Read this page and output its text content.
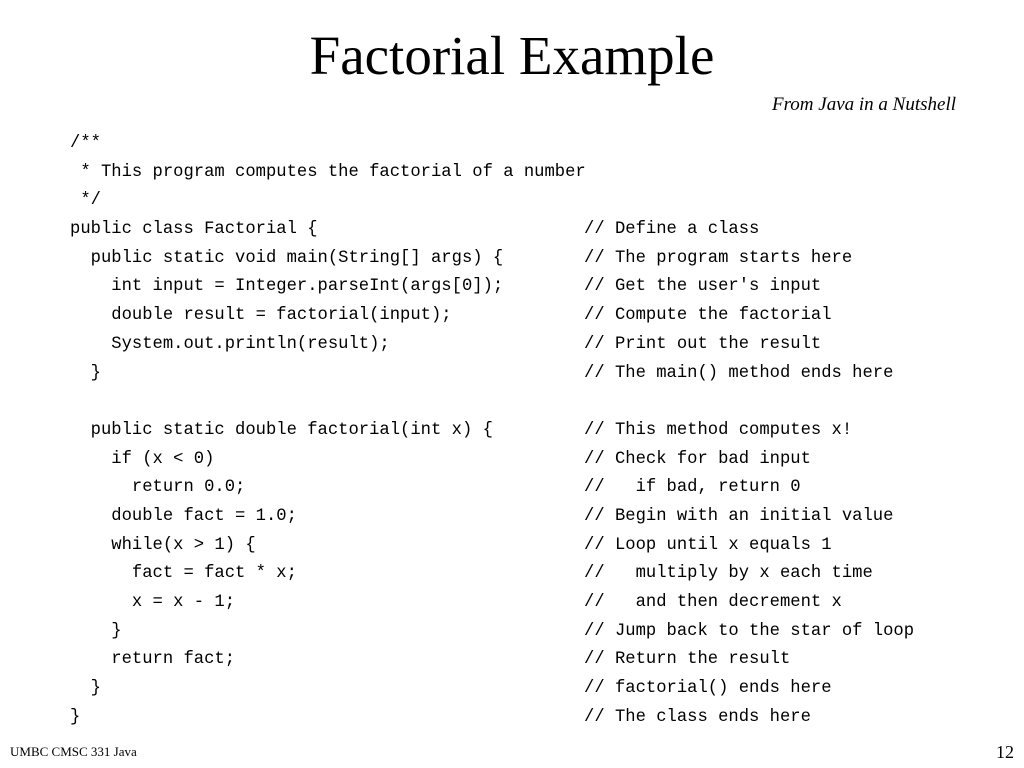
Factorial Example
From Java in a Nutshell
/**
* This program computes the factorial of a number
*/
public class Factorial {	// Define a class
public static void main(String[] args) {	// The program starts here
int input = Integer.parseInt(args[0]);	// Get the user's input
double result = factorial(input);	// Compute the factorial
System.out.println(result);	// Print out the result
}	// The main() method ends here
public static double factorial(int x) {	// This method computes x!
if (x < 0)	// Check for bad input
return 0.0;	//   if bad, return 0
double fact = 1.0;	// Begin with an initial value
while(x > 1) {	// Loop until x equals 1
fact = fact * x;	//   multiply by x each time
x = x - 1;	//   and then decrement x
}	// Jump back to the star of loop
return fact;	// Return the result
}	// factorial() ends here
}	// The class ends here
UMBC CMSC 331 Java	12
